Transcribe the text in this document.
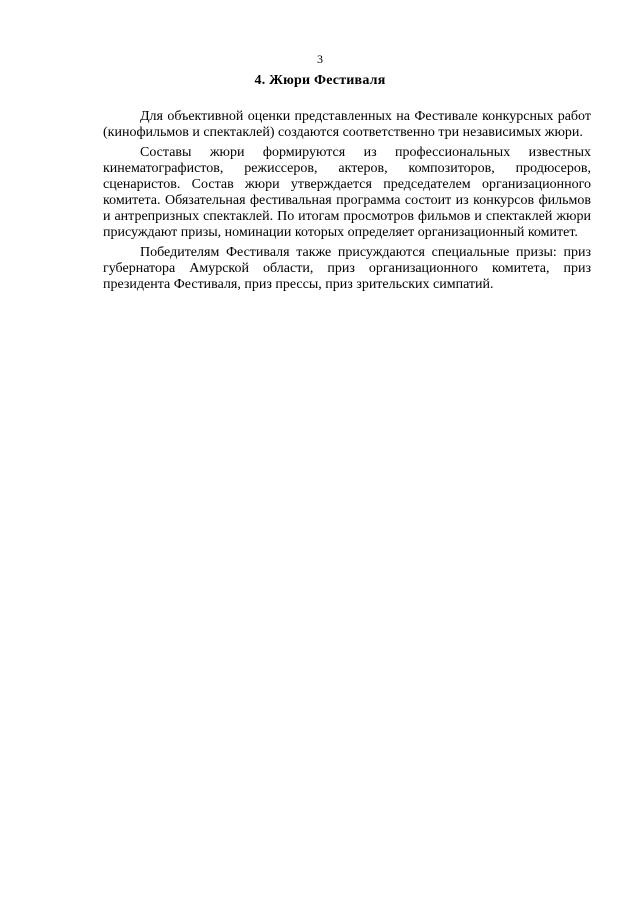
3
4. Жюри Фестиваля

Для объективной оценки представленных на Фестивале конкурсных работ (кинофильмов и спектаклей) создаются соответственно три независимых жюри.

Составы жюри формируются из профессиональных известных кинематографистов, режиссеров, актеров, композиторов, продюсеров, сценаристов. Состав жюри утверждается председателем организационного комитета. Обязательная фестивальная программа состоит из конкурсов фильмов и антрепризных спектаклей. По итогам просмотров фильмов и спектаклей жюри присуждают призы, номинации которых определяет организационный комитет.

Победителям Фестиваля также присуждаются специальные призы: приз губернатора Амурской области, приз организационного комитета, приз президента Фестиваля, приз прессы, приз зрительских симпатий.
